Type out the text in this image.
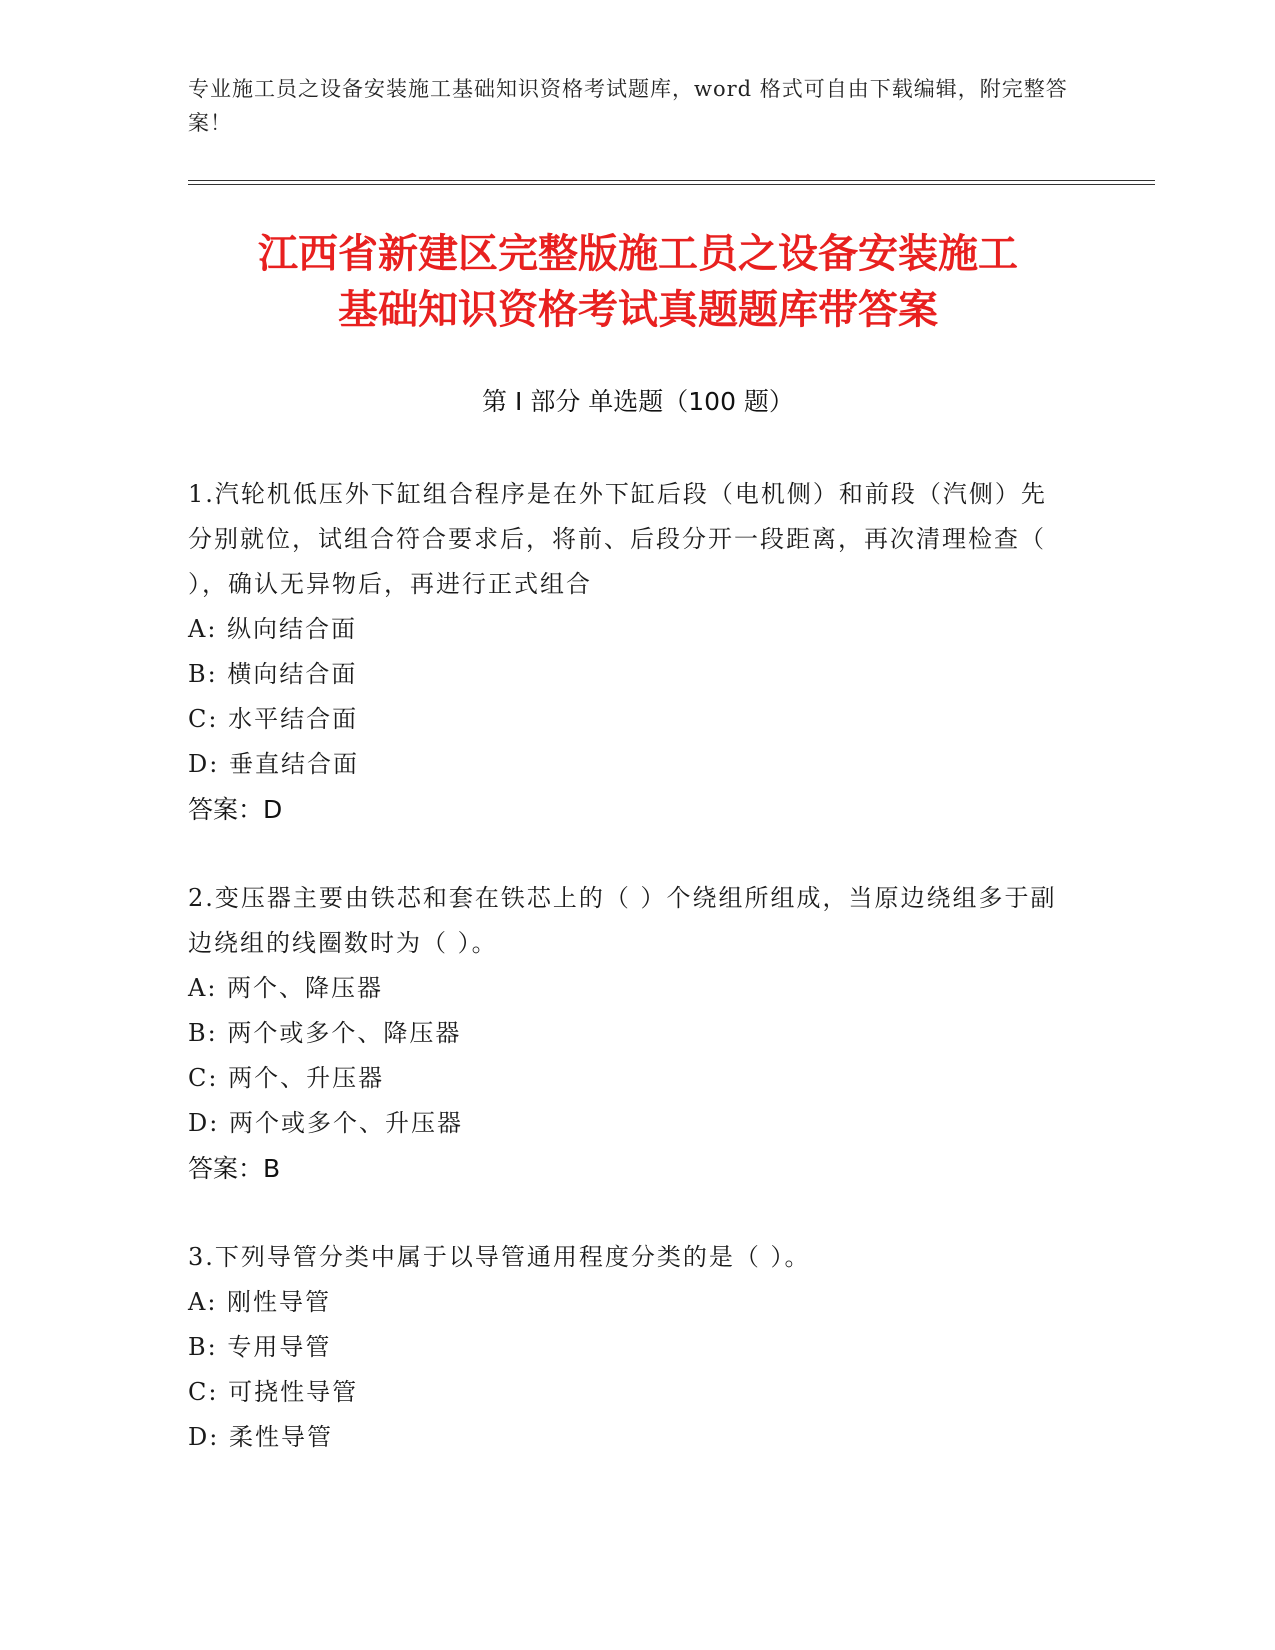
专业施工员之设备安装施工基础知识资格考试题库，word 格式可自由下载编辑，附完整答案！
江西省新建区完整版施工员之设备安装施工
基础知识资格考试真题题库带答案
第 I 部分 单选题（100 题）
1.汽轮机低压外下缸组合程序是在外下缸后段（电机侧）和前段（汽侧）先分别就位，试组合符合要求后，将前、后段分开一段距离，再次清理检查（ ），确认无异物后，再进行正式组合
A: 纵向结合面
B: 横向结合面
C: 水平结合面
D: 垂直结合面
答案：D
2.变压器主要由铁芯和套在铁芯上的（ ）个绕组所组成，当原边绕组多于副边绕组的线圈数时为（ ）。
A: 两个、降压器
B: 两个或多个、降压器
C: 两个、升压器
D: 两个或多个、升压器
答案：B
3.下列导管分类中属于以导管通用程度分类的是（ ）。
A: 刚性导管
B: 专用导管
C: 可挠性导管
D: 柔性导管
